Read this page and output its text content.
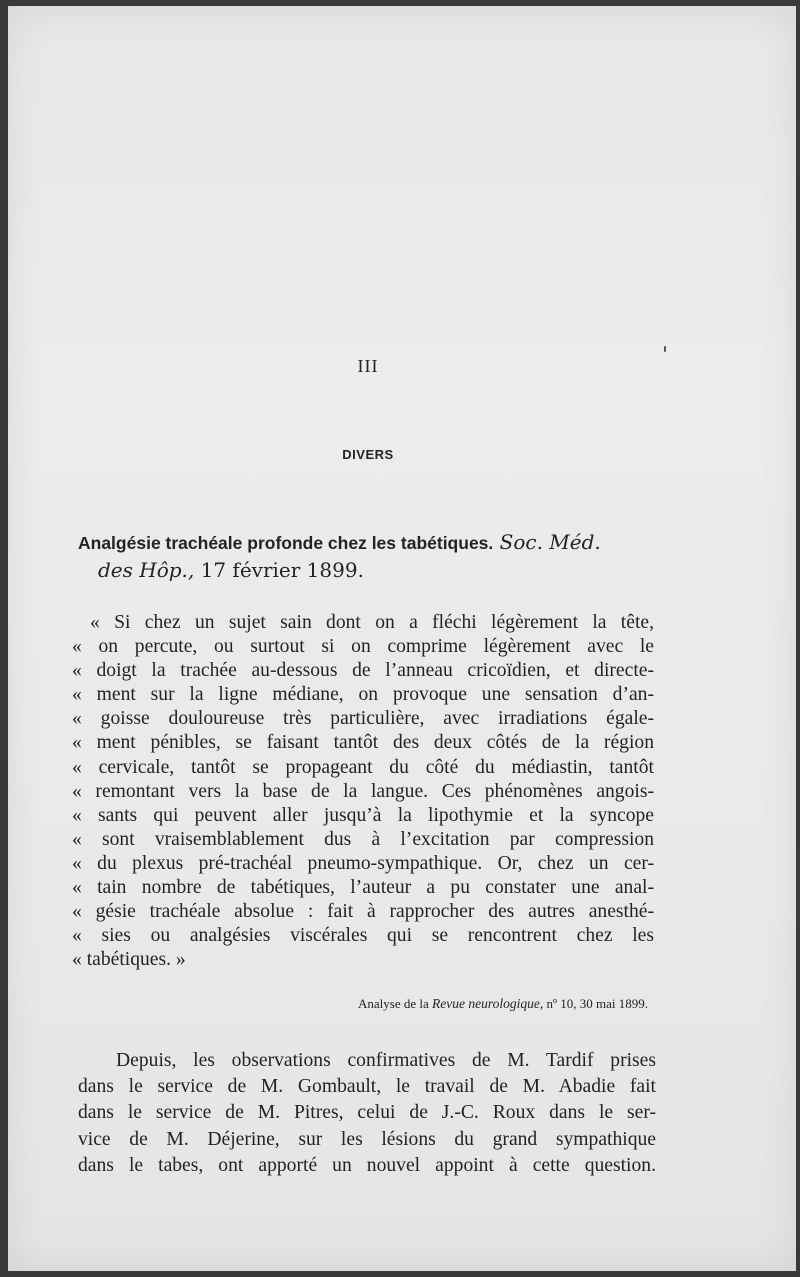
III
DIVERS
Analgésie trachéale profonde chez les tabétiques. Soc. Méd.
des Hôp., 17 février 1899.
« Si chez un sujet sain dont on a fléchi légèrement la tête,
« on percute, ou surtout si on comprime légèrement avec le
« doigt la trachée au-dessous de l’anneau cricoïdien, et directe-
« ment sur la ligne médiane, on provoque une sensation d’an-
« goisse douloureuse très particulière, avec irradiations égale-
« ment pénibles, se faisant tantôt des deux côtés de la région
« cervicale, tantôt se propageant du côté du médiastin, tantôt
« remontant vers la base de la langue. Ces phénomènes angois-
« sants qui peuvent aller jusqu’à la lipothymie et la syncope
« sont vraisemblablement dus à l’excitation par compression
« du plexus pré-trachéal pneumo-sympathique. Or, chez un cer-
« tain nombre de tabétiques, l’auteur a pu constater une anal-
« gésie trachéale absolue : fait à rapprocher des autres anesthé-
« sies ou analgésies viscérales qui se rencontrent chez les
« tabétiques. »
Analyse de la Revue neurologique, nº 10, 30 mai 1899.
Depuis, les observations confirmatives de M. Tardif prises
dans le service de M. Gombault, le travail de M. Abadie fait
dans le service de M. Pitres, celui de J.-C. Roux dans le ser-
vice de M. Déjerine, sur les lésions du grand sympathique
dans le tabes, ont apporté un nouvel appoint à cette question.
